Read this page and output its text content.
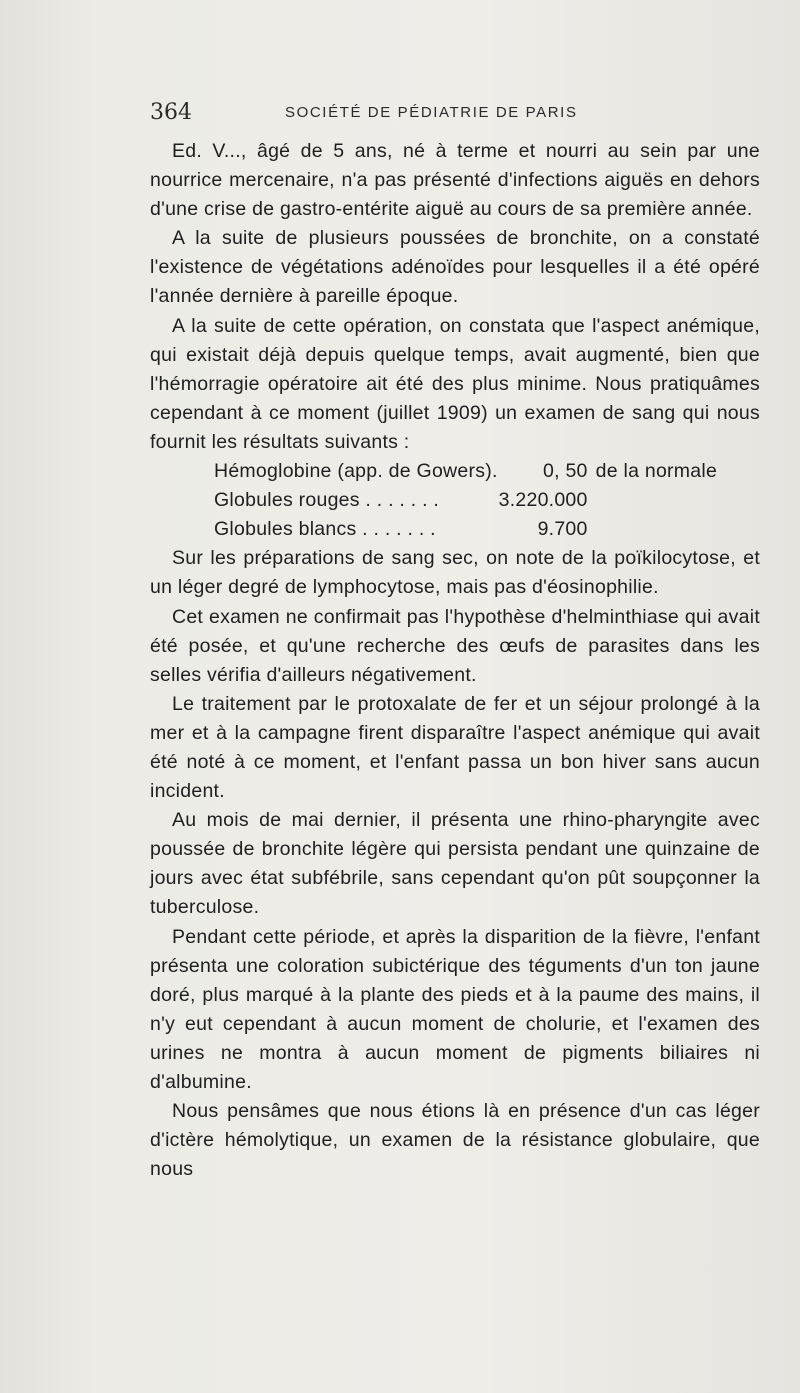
364	SOCIÉTÉ DE PÉDIATRIE DE PARIS

Ed. V..., âgé de 5 ans, né à terme et nourri au sein par une nourrice mercenaire, n'a pas présenté d'infections aiguës en dehors d'une crise de gastro-entérite aiguë au cours de sa première année.

A la suite de plusieurs poussées de bronchite, on a constaté l'existence de végétations adénoïdes pour lesquelles il a été opéré l'année dernière à pareille époque.

A la suite de cette opération, on constata que l'aspect anémique, qui existait déjà depuis quelque temps, avait augmenté, bien que l'hémorragie opératoire ait été des plus minime. Nous pratiquâmes cependant à ce moment (juillet 1909) un examen de sang qui nous fournit les résultats suivants :

Hémoglobine (app. de Gowers).	0, 50	de la normale
Globules rouges . . . . . . .	3.220.000	
Globules blancs . . . . . . .	9.700	

Sur les préparations de sang sec, on note de la poïkilocytose, et un léger degré de lymphocytose, mais pas d'éosinophilie.

Cet examen ne confirmait pas l'hypothèse d'helminthiase qui avait été posée, et qu'une recherche des œufs de parasites dans les selles vérifia d'ailleurs négativement.

Le traitement par le protoxalate de fer et un séjour prolongé à la mer et à la campagne firent disparaître l'aspect anémique qui avait été noté à ce moment, et l'enfant passa un bon hiver sans aucun incident.

Au mois de mai dernier, il présenta une rhino-pharyngite avec poussée de bronchite légère qui persista pendant une quinzaine de jours avec état subfébrile, sans cependant qu'on pût soupçonner la tuberculose.

Pendant cette période, et après la disparition de la fièvre, l'enfant présenta une coloration subictérique des téguments d'un ton jaune doré, plus marqué à la plante des pieds et à la paume des mains, il n'y eut cependant à aucun moment de cholurie, et l'examen des urines ne montra à aucun moment de pigments biliaires ni d'albumine.

Nous pensâmes que nous étions là en présence d'un cas léger d'ictère hémolytique, un examen de la résistance globulaire, que nous
